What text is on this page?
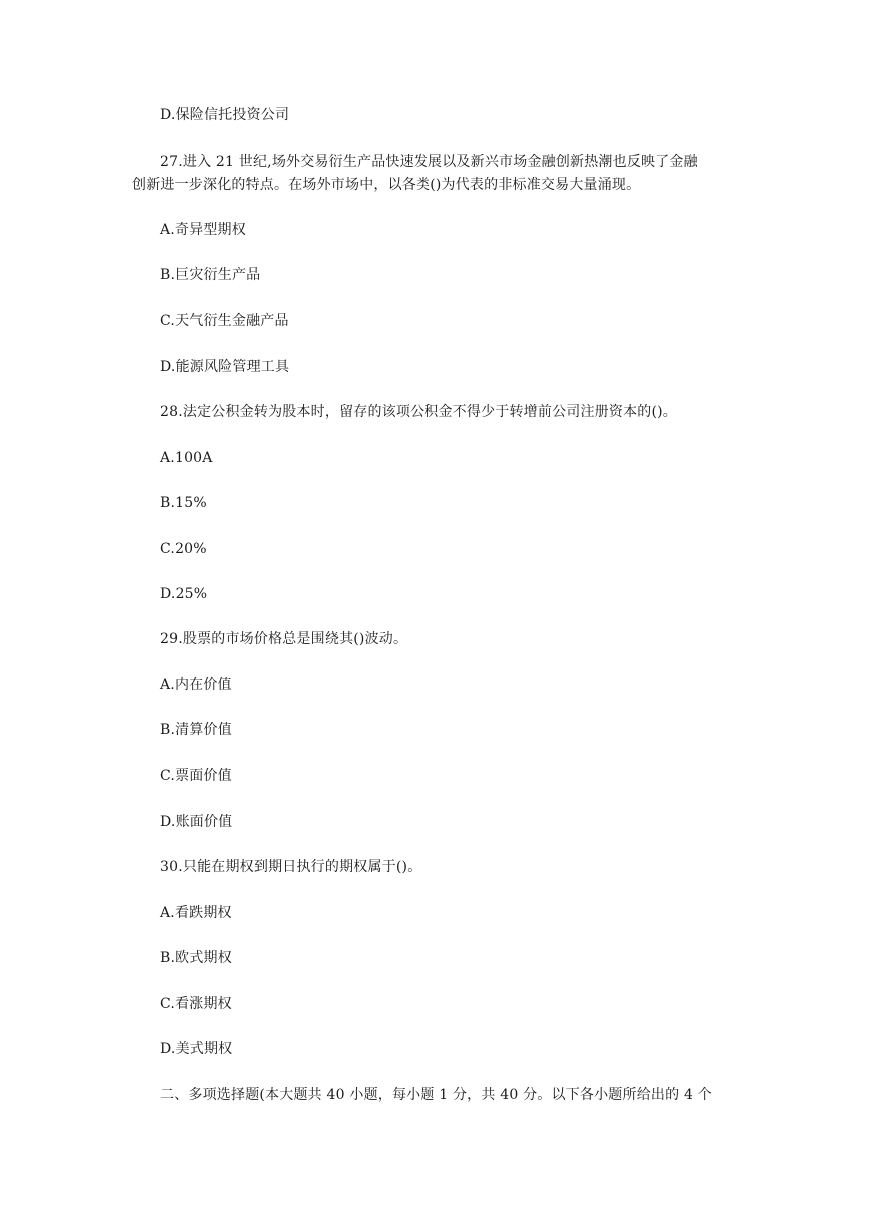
D.保险信托投资公司
27.进入 21 世纪,场外交易衍生产品快速发展以及新兴市场金融创新热潮也反映了金融
创新进一步深化的特点。在场外市场中，以各类()为代表的非标准交易大量涌现。
A.奇异型期权
B.巨灾衍生产品
C.天气衍生金融产品
D.能源风险管理工具
28.法定公积金转为股本时，留存的该项公积金不得少于转增前公司注册资本的()。
A.100A
B.15%
C.20%
D.25%
29.股票的市场价格总是围绕其()波动。
A.内在价值
B.清算价值
C.票面价值
D.账面价值
30.只能在期权到期日执行的期权属于()。
A.看跌期权
B.欧式期权
C.看涨期权
D.美式期权
二、多项选择题(本大题共 40 小题，每小题 1 分，共 40 分。以下各小题所给出的 4 个
